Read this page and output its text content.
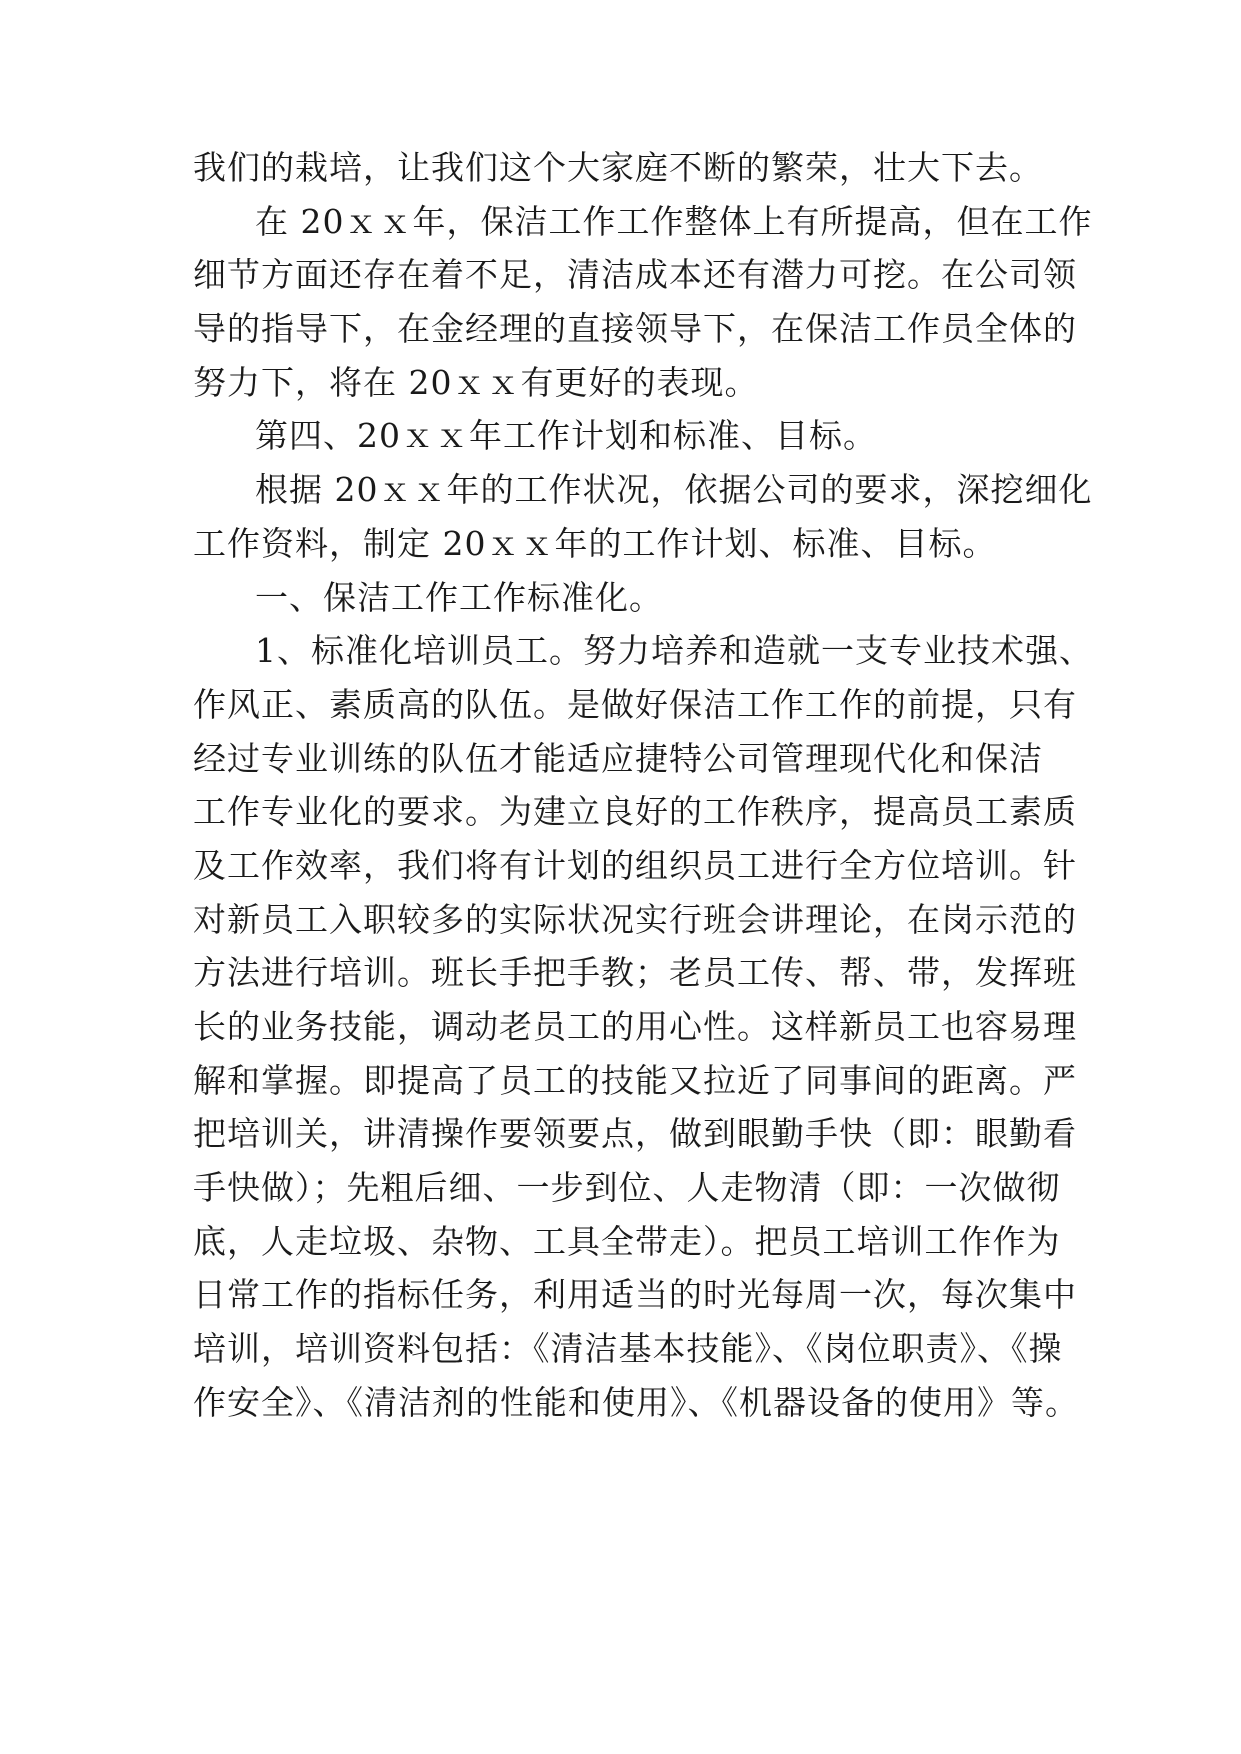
我们的栽培，让我们这个大家庭不断的繁荣，壮大下去。
在 20ｘｘ年，保洁工作工作整体上有所提高，但在工作
细节方面还存在着不足，清洁成本还有潜力可挖。在公司领
导的指导下，在金经理的直接领导下，在保洁工作员全体的
努力下，将在 20ｘｘ有更好的表现。
第四、20ｘｘ年工作计划和标准、目标。
根据 20ｘｘ年的工作状况，依据公司的要求，深挖细化
工作资料，制定 20ｘｘ年的工作计划、标准、目标。
一、保洁工作工作标准化。
1、标准化培训员工。努力培养和造就一支专业技术强、
作风正、素质高的队伍。是做好保洁工作工作的前提，只有
经过专业训练的队伍才能适应捷特公司管理现代化和保洁
工作专业化的要求。为建立良好的工作秩序，提高员工素质
及工作效率，我们将有计划的组织员工进行全方位培训。针
对新员工入职较多的实际状况实行班会讲理论，在岗示范的
方法进行培训。班长手把手教；老员工传、帮、带，发挥班
长的业务技能，调动老员工的用心性。这样新员工也容易理
解和掌握。即提高了员工的技能又拉近了同事间的距离。严
把培训关，讲清操作要领要点，做到眼勤手快（即：眼勤看
手快做）；先粗后细、一步到位、人走物清（即：一次做彻
底，人走垃圾、杂物、工具全带走）。把员工培训工作作为
日常工作的指标任务，利用适当的时光每周一次，每次集中
培训，培训资料包括：《清洁基本技能》、《岗位职责》、《操
作安全》、《清洁剂的性能和使用》、《机器设备的使用》等。
